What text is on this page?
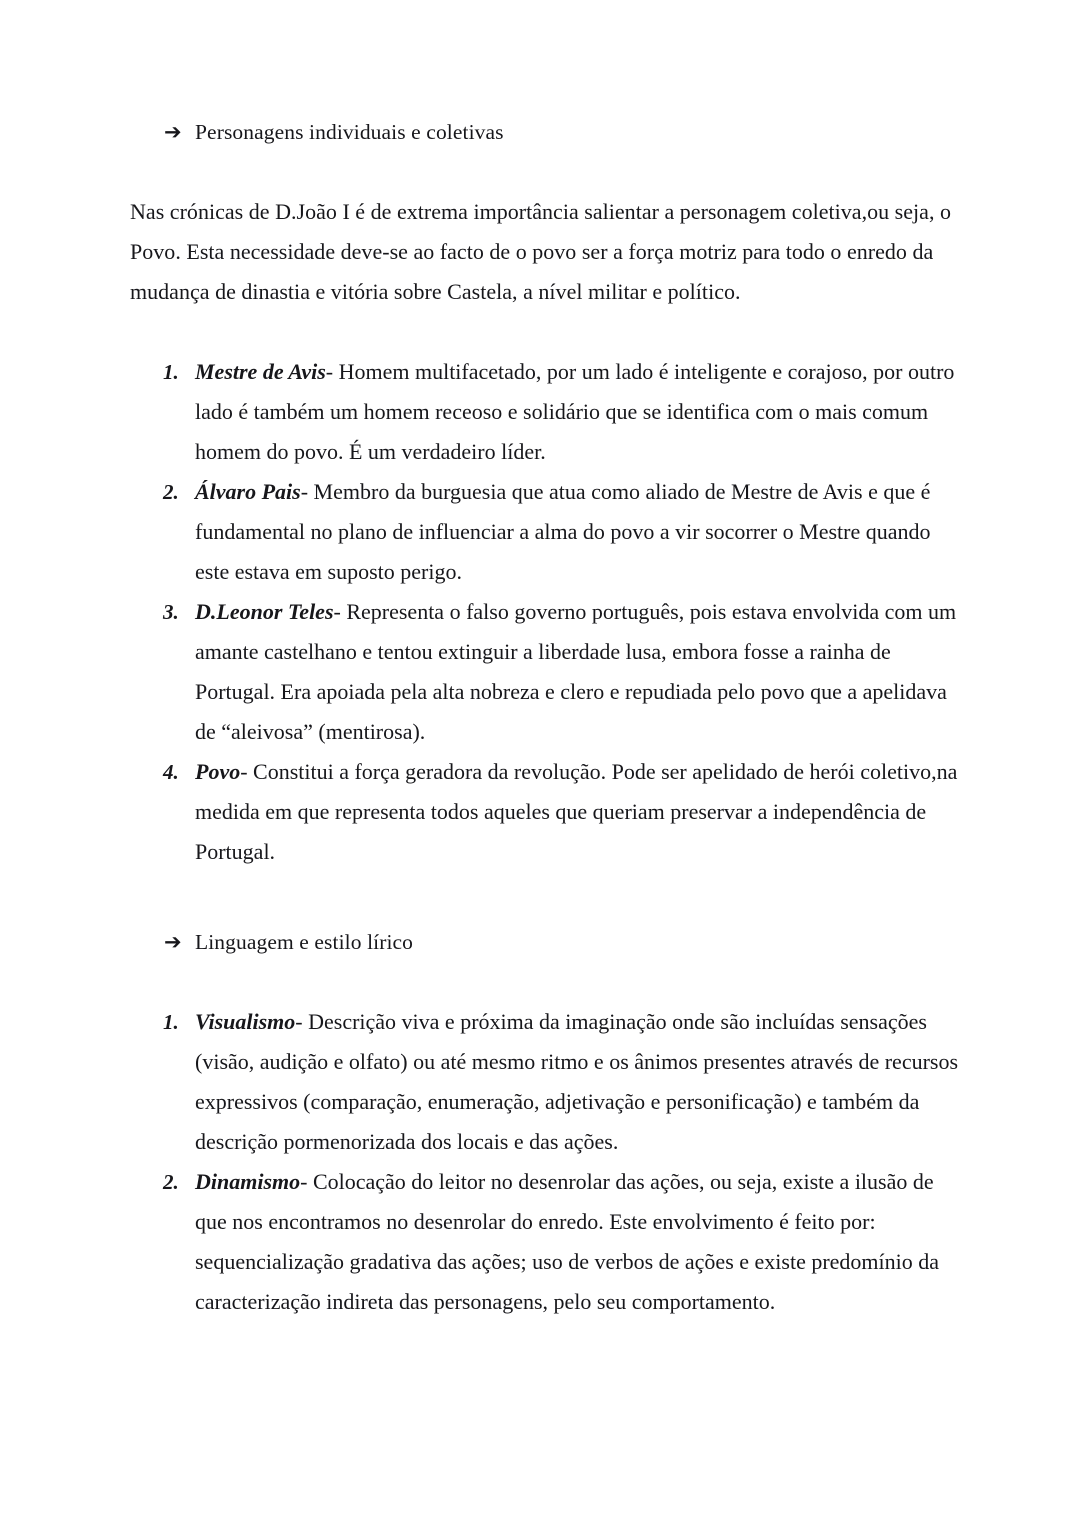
➔ Personagens individuais e coletivas

Nas crónicas de D.João I é de extrema importância salientar a personagem coletiva,ou seja, o Povo. Esta necessidade deve-se ao facto de o povo ser a força motriz para todo o enredo da mudança de dinastia e vitória sobre Castela, a nível militar e político.

1. Mestre de Avis- Homem multifacetado, por um lado é inteligente e corajoso, por outro lado é também um homem receoso e solidário que se identifica com o mais comum homem do povo. É um verdadeiro líder.
2. Álvaro Pais- Membro da burguesia que atua como aliado de Mestre de Avis e que é fundamental no plano de influenciar a alma do povo a vir socorrer o Mestre quando este estava em suposto perigo.
3. D.Leonor Teles- Representa o falso governo português, pois estava envolvida com um amante castelhano e tentou extinguir a liberdade lusa, embora fosse a rainha de Portugal. Era apoiada pela alta nobreza e clero e repudiada pelo povo que a apelidava de “aleivosa” (mentirosa).
4. Povo- Constitui a força geradora da revolução. Pode ser apelidado de herói coletivo,na medida em que representa todos aqueles que queriam preservar a independência de Portugal.

➔ Linguagem e estilo lírico

1. Visualismo- Descrição viva e próxima da imaginação onde são incluídas sensações (visão, audição e olfato) ou até mesmo ritmo e os ânimos presentes através de recursos expressivos (comparação, enumeração, adjetivação e personificação) e também da descrição pormenorizada dos locais e das ações.
2. Dinamismo- Colocação do leitor no desenrolar das ações, ou seja, existe a ilusão de que nos encontramos no desenrolar do enredo. Este envolvimento é feito por: sequencialização gradativa das ações; uso de verbos de ações e existe predomínio da caracterização indireta das personagens, pelo seu comportamento.
